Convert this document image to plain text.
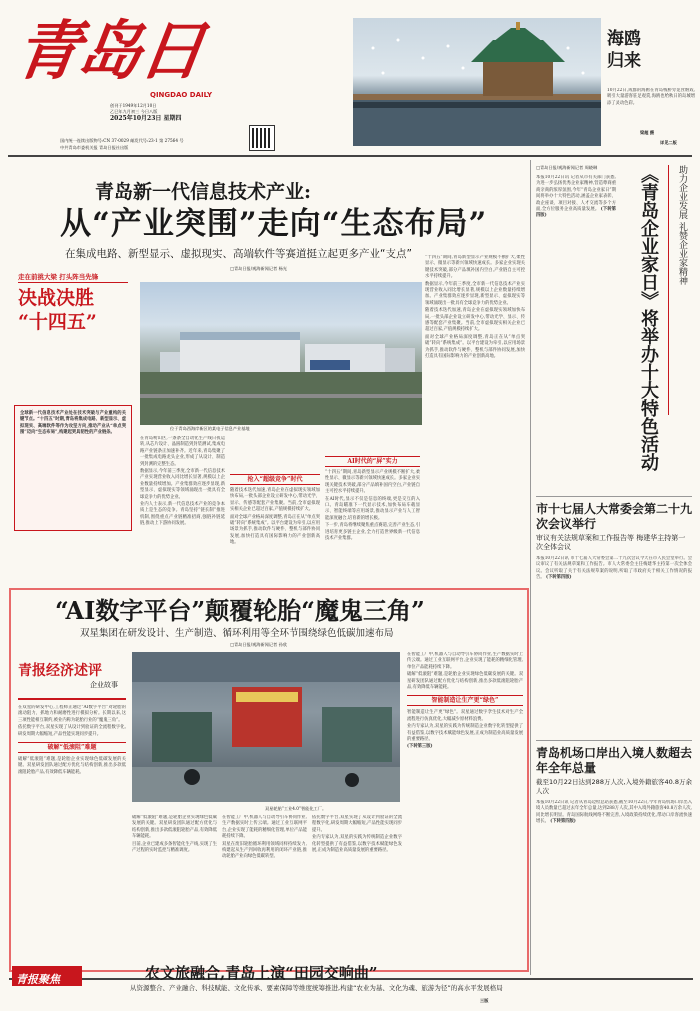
青岛日报
QINGDAO DAILY
创刊于1949年12月10日
乙巳年九月初三 今日八版
2025年10月23日 星期四
国内统一连续出版物号:CN 37-0029 邮发代号:23-1 第 27564 号
中共青岛市委机关报 青岛日报社出版
海鸥
归来
10月22日,成群的海鸥在青岛栈桥旁觅食嬉戏,吸引大量游客驻足观赏,海鸥也给秋日的岛城增添了灵动色彩。
梁超 摄
详见二版
青岛新一代信息技术产业:
从“产业突围”走向“生态布局”
在集成电路、新型显示、虚拟现实、高端软件等赛道挺立起更多产业“支点”
□青岛日报/观海新闻记者 杨光
走在前挑大梁 打头阵当先锋
决战决胜
“十四五”
全球新一代信息技术产业处在技术突破与产业重构的关键节点。“十四五”时期,青岛将集成电路、新型显示、虚拟现实、高端软件等作为攻坚方向,推动产业从“单点突围”迈向“生态布局”,构建起更具韧性的产业链条。
位于青岛西海岸新区的某电子信息产业基地

在青岛崂山区,一条条全自动化生产线日夜运转,从芯片设计、晶圆制造到封装测试,集成电路产业链条正加速补齐。近年来,青岛集聚了一批集成电路龙头企业,形成了从设计、制造到封测的完整生态。

数据显示,今年前三季度,全市新一代信息技术产业实现营业收入同比增长显著,规模以上企业数量持续增加。产业集群效应逐步显现,新型显示、虚拟现实等领域涌现出一批具有全球竞争力的优势企业。

业内人士表示,新一代信息技术产业的竞争本质上是生态的竞争。青岛坚持“链长制”推进机制,围绕重点产业链精准招商,强链补链延链,推动上下游协同发展。

抢入“超级竞争”时代

随着技术迭代加速,青岛企业在虚拟现实领域加快布局,一批头部企业设立研发中心,带动光学、显示、传感等配套产业集聚。当前,全市虚拟现实相关企业已超过百家,产值规模持续扩大。

面对全球产业格局深度调整,青岛正在从“单点突破”转向“系统集成”。以平台建设为牵引,以应用场景为抓手,推动软件与硬件、整机与部件协同发展,加快打造具有国际影响力的产业创新高地。

AI时代的“屏”实力

“十四五”期间,青岛新型显示产业规模不断扩大,柔性显示、微显示等新兴领域快速成长。多家企业实现关键技术突破,部分产品填补国内空白,产业链自主可控水平持续提升。

在AI时代,显示不仅是信息的终端,更是交互的入口。青岛瞄准下一代显示技术,加快布局车载显示、智能终端等应用场景,推动显示产业与人工智能深度融合,培育新的增长极。

下一步,青岛将继续聚焦重点赛道,完善产业生态,引进培育更多链主企业,全力打造世界级新一代信息技术产业集群。

“十四五”期间,青岛新型显示产业规模不断扩大,柔性显示、微显示等新兴领域快速成长。多家企业实现关键技术突破,部分产品填补国内空白,产业链自主可控水平持续提升。

数据显示,今年前三季度,全市新一代信息技术产业实现营业收入同比增长显著,规模以上企业数量持续增加。产业集群效应逐步显现,新型显示、虚拟现实等领域涌现出一批具有全球竞争力的优势企业。

随着技术迭代加速,青岛企业在虚拟现实领域加快布局,一批头部企业设立研发中心,带动光学、显示、传感等配套产业集聚。当前,全市虚拟现实相关企业已超过百家,产值规模持续扩大。

面对全球产业格局深度调整,青岛正在从“单点突破”转向“系统集成”。以平台建设为牵引,以应用场景为抓手,推动软件与硬件、整机与部件协同发展,加快打造具有国际影响力的产业创新高地。

□青岛日报/观海新闻记者 周晓琳
本报10月22日讯 记者从市有关部门获悉,为进一步弘扬优秀企业家精神,营造尊商重商亲商的浓厚氛围,今年“青岛企业家日”期间将举办十大特色活动,涵盖企业家表彰、政企座谈、项目对接、人才交流等多个方面,全方位服务企业高质量发展。 (下转第四版)	《青岛企业家日》将举办十大特色活动	助力企业发展 礼赞企业家精神
市十七届人大常委会第二十九次会议举行
审议有关法规草案和工作报告等 梅建华主持第一次全体会议
本报10月22日讯 市十七届人大常委会第二十九次会议今天在市人民会堂举行。会议审议了有关法规草案和工作报告。市人大常委会主任梅建华主持第一次全体会议。会议听取了关于有关法规草案的说明,听取了市政府关于相关工作情况的报告。 (下转第四版)
青岛机场口岸出入境人数超去年全年总量
截至10月22日达到288万人次,入境外籍旅客40.8万余人次
本报10月22日讯 记者从青岛边检总站获悉,截至10月22日,今年青岛机场口岸出入境人员数量已超过去年全年总量,达到288万人次,其中入境外籍旅客40.8万余人次,同比增长明显。青岛国际航线网络不断完善,入境政策持续优化,带动口岸客流快速增长。 (下转第四版)
“AI数字平台”颠覆轮胎“魔鬼三角”
双星集团在研发设计、生产制造、循环利用等全环节围绕绿色低碳加速布局
□青岛日报/观海新闻记者 孙欣
青报经济述评
企业故事
双星轮胎“工业4.0”智能化工厂。

在双星的研发中心,工程师正通过“AI数字平台”对轮胎的滚动阻力、抓地力和耐磨性进行模拟分析。长期以来,这三项性能相互制约,被业内称为轮胎行业的“魔鬼三角”。

依托数字平台,双星实现了从设计到验证的全流程数字化,研发周期大幅缩短,产品性能实现同步提升。

破解“低滚阻”难题

破解“低滚阻”难题,是轮胎企业实现绿色低碳发展的关键。双星研发团队通过配方优化与结构创新,推出多款低滚阻轮胎产品,有效降低车辆能耗。

破解“低滚阻”难题,是轮胎企业实现绿色低碳发展的关键。双星研发团队通过配方优化与结构创新,推出多款低滚阻轮胎产品,有效降低车辆能耗。

目前,企业已建成多条智能化生产线,实现了生产过程的实时监控与精准调度。

在智能工厂中,机器人与自动导引车协同作业,生产数据实时上传云端。通过工业互联网平台,企业实现了能耗的精细化管理,单位产品能耗持续下降。

双星在废旧轮胎循环利用领域同样持续发力,构建起从生产到回收再利用的闭环产业链,推动轮胎产业向绿色低碳转型。

依托数字平台,双星实现了从设计到验证的全流程数字化,研发周期大幅缩短,产品性能实现同步提升。

业内专家认为,双星的实践为传统制造企业数字化转型提供了有益借鉴,以数字技术赋能绿色发展,正成为制造业高质量发展的重要路径。

在智能工厂中,机器人与自动导引车协同作业,生产数据实时上传云端。通过工业互联网平台,企业实现了能耗的精细化管理,单位产品能耗持续下降。

破解“低滚阻”难题,是轮胎企业实现绿色低碳发展的关键。双星研发团队通过配方优化与结构创新,推出多款低滚阻轮胎产品,有效降低车辆能耗。

智能制造让生产更“绿色”

智能制造让生产更“绿色”。双星通过数字孪生技术对生产全流程进行仿真优化,大幅减少原材料浪费。

业内专家认为,双星的实践为传统制造企业数字化转型提供了有益借鉴,以数字技术赋能绿色发展,正成为制造业高质量发展的重要路径。

(下转第三版)
青报聚焦	农文旅融合,青岛上演“田园交响曲”
从资源整合、产业融合、科技赋能、文化传承、要素保障等维度统筹推进,构建“农业为基、文化为魂、旅游为径”的高水平发展格局
三版
